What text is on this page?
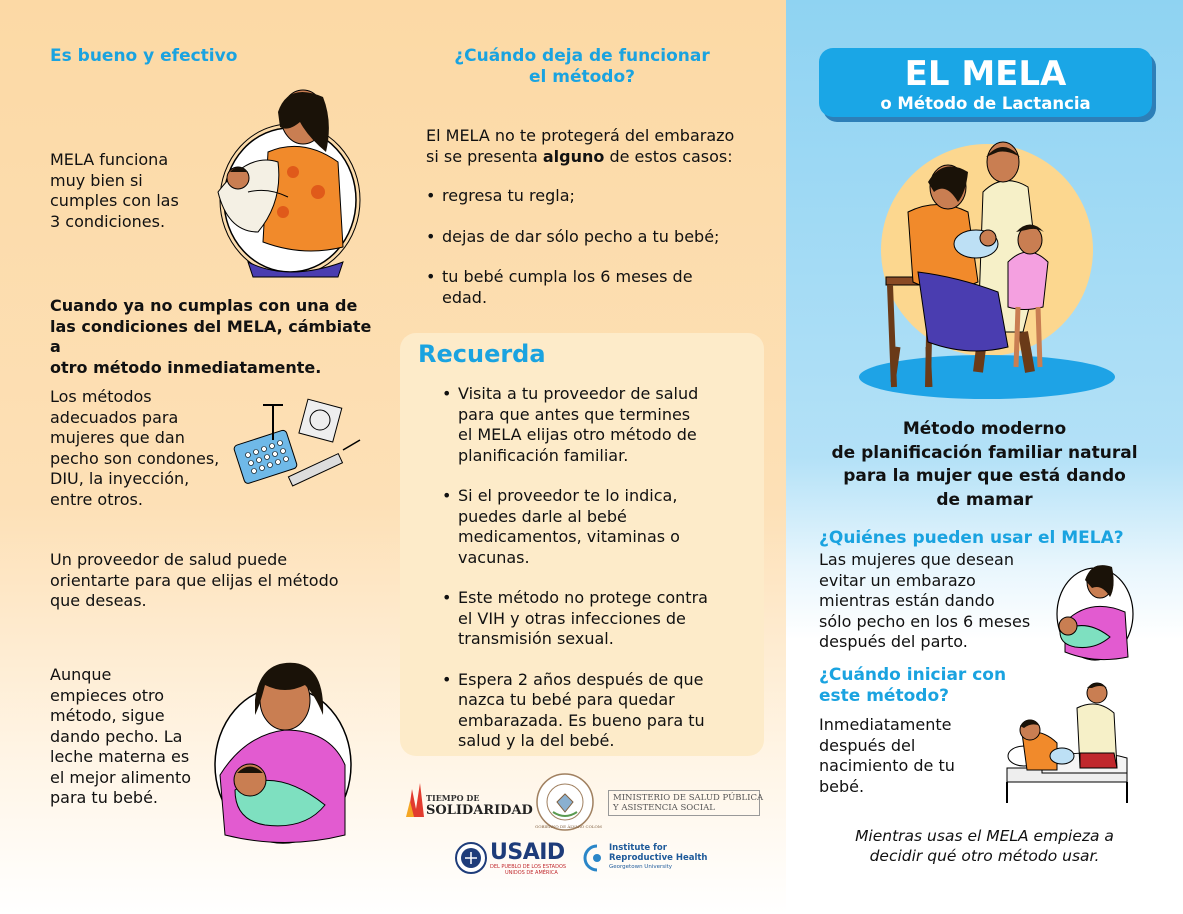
Es bueno y efectivo
MELA funciona
muy bien si
cumples con las
3 condiciones.
Cuando ya no cumplas con una de
las condiciones del MELA, cámbiate a
otro método inmediatamente.
Los métodos
adecuados para
mujeres que dan
pecho son condones,
DIU, la inyección,
entre otros.
Un proveedor de salud puede
orientarte para que elijas el método
que deseas.
Aunque
empieces otro
método, sigue
dando pecho. La
leche materna es
el mejor alimento
para tu bebé.
¿Cuándo deja de funcionar
el método?
El MELA no te protegerá del embarazo
si se presenta alguno de estos casos:
• regresa tu regla;
• dejas de dar sólo pecho a tu bebé;
• tu bebé cumpla los 6 meses de
edad.
Recuerda
• Visita a tu proveedor de salud
para que antes que termines
el MELA elijas otro método de
planificación familiar.
• Si el proveedor te lo indica,
puedes darle al bebé
medicamentos, vitaminas o
vacunas.
• Este método no protege contra
el VIH y otras infecciones de
transmisión sexual.
• Espera 2 años después de que
nazca tu bebé para quedar
embarazada. Es bueno para tu
salud y la del bebé.
TIEMPO DE
SOLIDARIDAD
GOBIERNO DE ÁLVARO COLOM
MINISTERIO DE SALUD PÚBLICA
Y ASISTENCIA SOCIAL
USAID
DEL PUEBLO DE LOS ESTADOS
UNIDOS DE AMÉRICA
Institute for
Reproductive Health
Georgetown University
EL MELA
o Método de Lactancia
Método moderno
de planificación familiar natural
para la mujer que está dando
de mamar
¿Quiénes pueden usar el MELA?
Las mujeres que desean
evitar un embarazo
mientras están dando
sólo pecho en los 6 meses
después del parto.
¿Cuándo iniciar con
este método?
Inmediatamente
después del
nacimiento de tu
bebé.
Mientras usas el MELA empieza a
decidir qué otro método usar.
